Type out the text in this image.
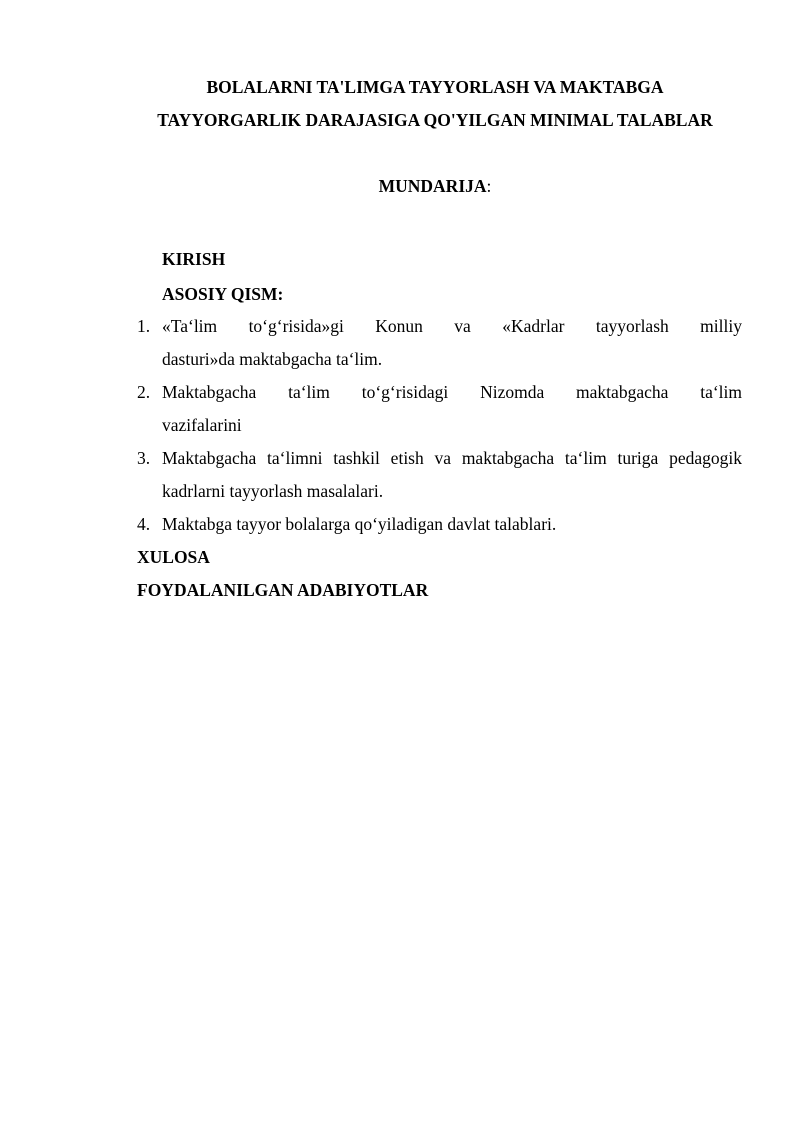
BOLALARNI TA'LIMGA TAYYORLASH VA MAKTABGA

TAYYORGARLIK DARAJASIGA QO'YILGAN MINIMAL TALABLAR

MUNDARIJA:

KIRISH

ASOSIY QISM:

1. «Ta‘lim to‘g‘risida»gi Konun va «Kadrlar tayyorlash milliy
dasturi»da maktabgacha ta‘lim.
2. Maktabgacha ta‘lim to‘g‘risidagi Nizomda maktabgacha ta‘lim
vazifalarini
3. Maktabgacha ta‘limni tashkil etish va maktabgacha ta‘lim turiga pedagogik
kadrlarni tayyorlash masalalari.
4. Maktabga tayyor bolalarga qo‘yiladigan davlat talablari.

XULOSA

FOYDALANILGAN ADABIYOTLAR
